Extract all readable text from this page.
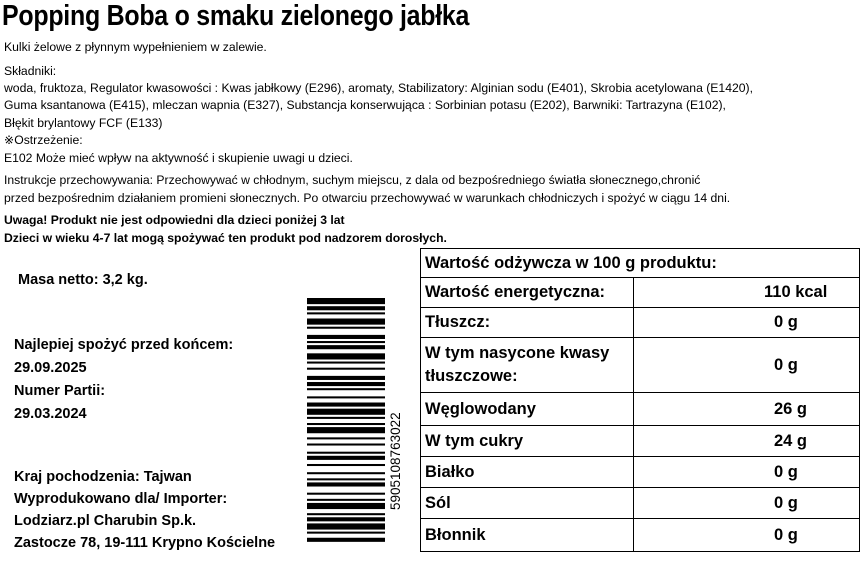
Popping Boba o smaku zielonego jabłka
Kulki żelowe z płynnym wypełnieniem w zalewie.
Składniki:
woda, fruktoza, Regulator kwasowości : Kwas jabłkowy (E296), aromaty, Stabilizatory: Alginian sodu (E401), Skrobia acetylowana (E1420),
Guma ksantanowa (E415), mleczan wapnia (E327), Substancja konserwująca : Sorbinian potasu (E202), Barwniki: Tartrazyna (E102),
Błękit brylantowy FCF (E133)
※Ostrzeżenie:
E102 Może mieć wpływ na aktywność i skupienie uwagi u dzieci.
Instrukcje przechowywania: Przechowywać w chłodnym, suchym miejscu, z dala od bezpośredniego światła słonecznego,chronić
przed bezpośrednim działaniem promieni słonecznych. Po otwarciu przechowywać w warunkach chłodniczych i spożyć w ciągu 14 dni.
Uwaga! Produkt nie jest odpowiedni dla dzieci poniżej 3 lat
Dzieci w wieku 4-7 lat mogą spożywać ten produkt pod nadzorem dorosłych.
Masa netto: 3,2 kg.
Najlepiej spożyć przed końcem:
29.09.2025
Numer Partii:
29.03.2024
Kraj pochodzenia: Tajwan
Wyprodukowano dla/ Importer:
Lodziarz.pl Charubin Sp.k.
Zastocze 78, 19-111 Krypno Kościelne
5905108763022
Wartość odżywcza w 100 g produktu:	
Wartość energetyczna:	110 kcal
Tłuszcz:	0 g
W tym nasycone kwasy tłuszczowe:	0 g
Węglowodany	26 g
W tym cukry	24 g
Białko	0 g
Sól	0 g
Błonnik	0 g
